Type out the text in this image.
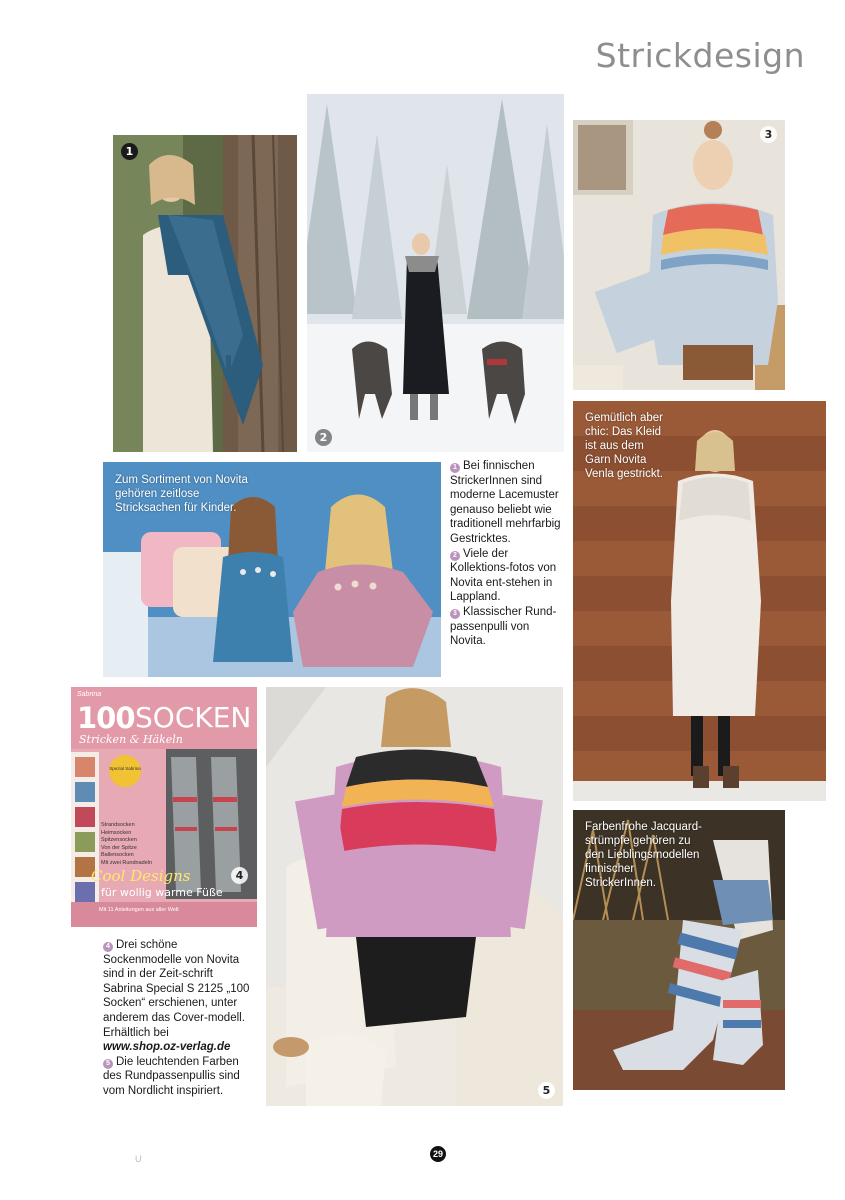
Strickdesign
1
2
3
Zum Sortiment von Novita gehören zeitlose Stricksachen für Kinder.

1 Bei finnischen StrickerInnen sind moderne Lacemuster genauso beliebt wie traditionell mehrfarbig Gestricktes.

2 Viele der Kollektions-fotos von Novita ent-stehen in Lappland.

3 Klassischer Rund-passenpulli von Novita.

Gemütlich aber chic: Das Kleid ist aus dem Garn Novita Venla gestrickt.
Sabrina
100 SOCKEN
Stricken & Häkeln
Spezial Sabrina
Strandsocken
Heimsocken
Spitzensocken
Von der Spitze
Ballensocken
Mit zwei Rundnadeln
Cool Designs
für wollig warme Füße
Mit 11 Anleitungen aus aller Welt
4

4 Drei schöne Sockenmodelle von Novita sind in der Zeit-schrift Sabrina Special S 2125 „100 Socken“ erschienen, unter anderem das Cover-modell. Erhältlich bei

www.shop.oz-verlag.de

5 Die leuchtenden Farben des Rundpassenpullis sind vom Nordlicht inspiriert.	5
Farbenfrohe Jacquard-strümpfe gehören zu den Lieblingsmodellen finnischer StrickerInnen.
29
U
